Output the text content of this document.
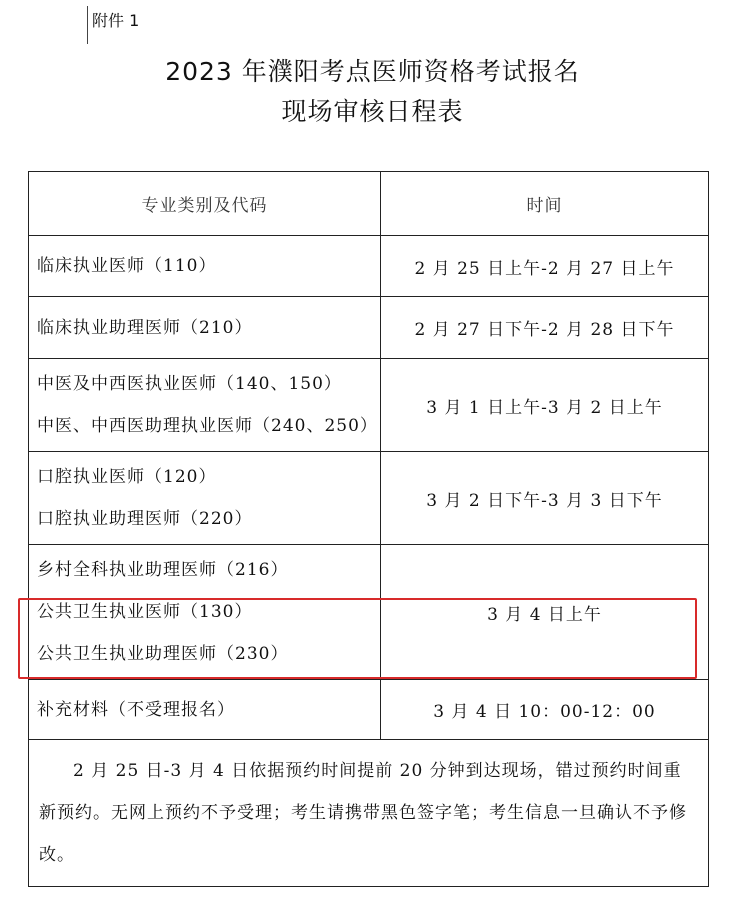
附件 1
2023 年濮阳考点医师资格考试报名
现场审核日程表
专业类别及代码	时间

临床执业医师（110）	2 月 25 日上午-2 月 27 日上午

临床执业助理医师（210）	2 月 27 日下午-2 月 28 日下午

中医及中西医执业医师（140、150）
中医、中西医助理执业医师（240、250）	3 月 1 日上午-3 月 2 日上午

口腔执业医师（120）
口腔执业助理医师（220）	3 月 2 日下午-3 月 3 日下午

乡村全科执业助理医师（216）
公共卫生执业医师（130）
公共卫生执业助理医师（230）	3 月 4 日上午

补充材料（不受理报名）	3 月 4 日 10：00-12：00
2 月 25 日-3 月 4 日依据预约时间提前 20 分钟到达现场，错过预约时间重新预约。无网上预约不予受理；考生请携带黑色签字笔；考生信息一旦确认不予修改。	
